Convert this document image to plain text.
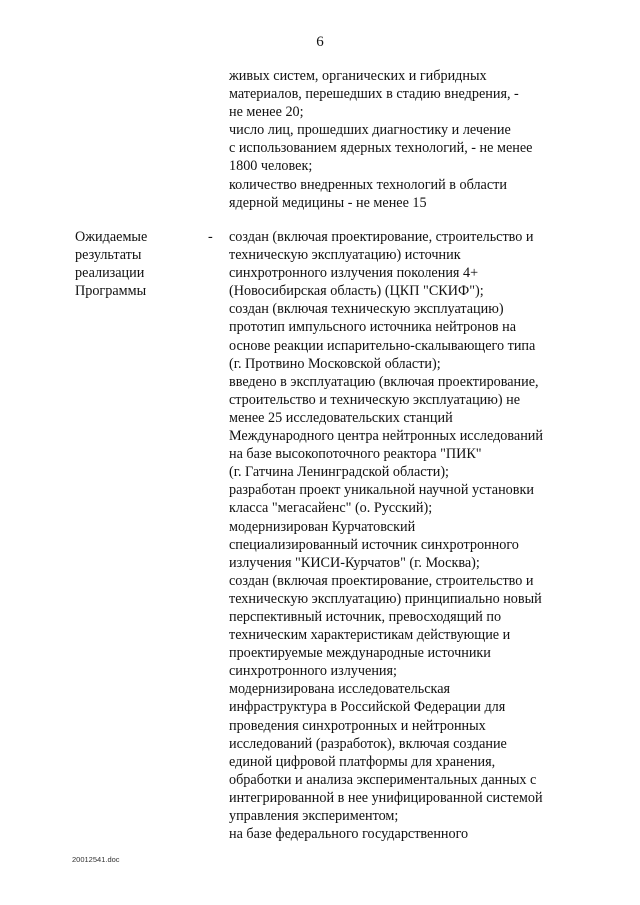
6
живых систем, органических и гибридных
материалов, перешедших в стадию внедрения, -
не менее 20;
число лиц, прошедших диагностику и лечение
с использованием ядерных технологий, - не менее
1800 человек;
количество внедренных технологий в области
ядерной медицины - не менее 15
Ожидаемые
результаты
реализации
Программы
- создан (включая проектирование, строительство и
техническую эксплуатацию) источник
синхротронного излучения поколения 4+
(Новосибирская область) (ЦКП "СКИФ");
создан (включая техническую эксплуатацию)
прототип импульсного источника нейтронов на
основе реакции испарительно-скалывающего типа
(г. Протвино Московской области);
введено в эксплуатацию (включая проектирование,
строительство и техническую эксплуатацию) не
менее 25 исследовательских станций
Международного центра нейтронных исследований
на базе высокопоточного реактора "ПИК"
(г. Гатчина Ленинградской области);
разработан проект уникальной научной установки
класса "мегасайенс" (о. Русский);
модернизирован Курчатовский
специализированный источник синхротронного
излучения "КИСИ-Курчатов" (г. Москва);
создан (включая проектирование, строительство и
техническую эксплуатацию) принципиально новый
перспективный источник, превосходящий по
техническим характеристикам действующие и
проектируемые международные источники
синхротронного излучения;
модернизирована исследовательская
инфраструктура в Российской Федерации для
проведения синхротронных и нейтронных
исследований (разработок), включая создание
единой цифровой платформы для хранения,
обработки и анализа экспериментальных данных с
интегрированной в нее унифицированной системой
управления экспериментом;
на базе федерального государственного
20012541.doc
